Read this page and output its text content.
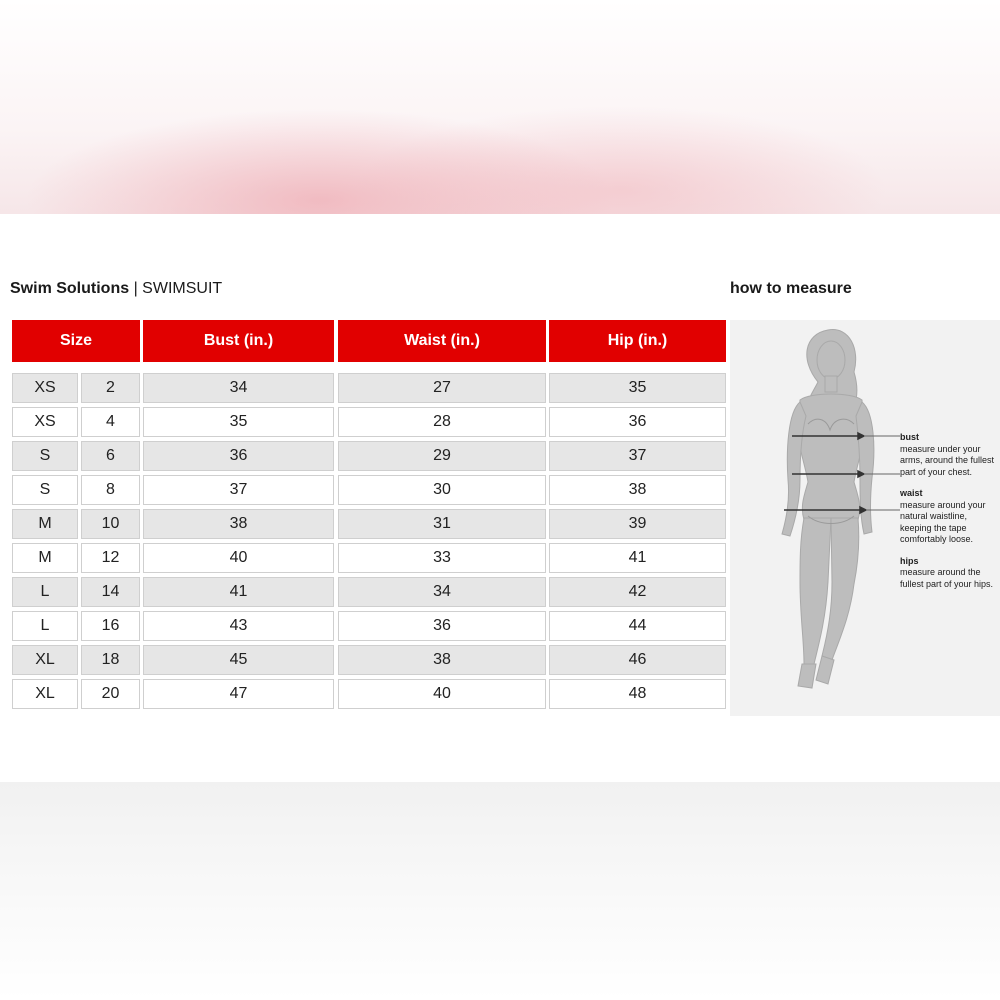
Swim Solutions | SWIMSUIT	how to measure
Size	Bust (in.)	Waist (in.)	Hip (in.)
XS	2	34	27	35
XS	4	35	28	36
S	6	36	29	37
S	8	37	30	38
M	10	38	31	39
M	12	40	33	41
L	14	41	34	42
L	16	43	36	44
XL	18	45	38	46
XL	20	47	40	48
bust
measure under your arms, around the fullest part of your chest.
waist
measure around your natural waistline, keeping the tape comfortably loose.
hips
measure around the fullest part of your hips.
